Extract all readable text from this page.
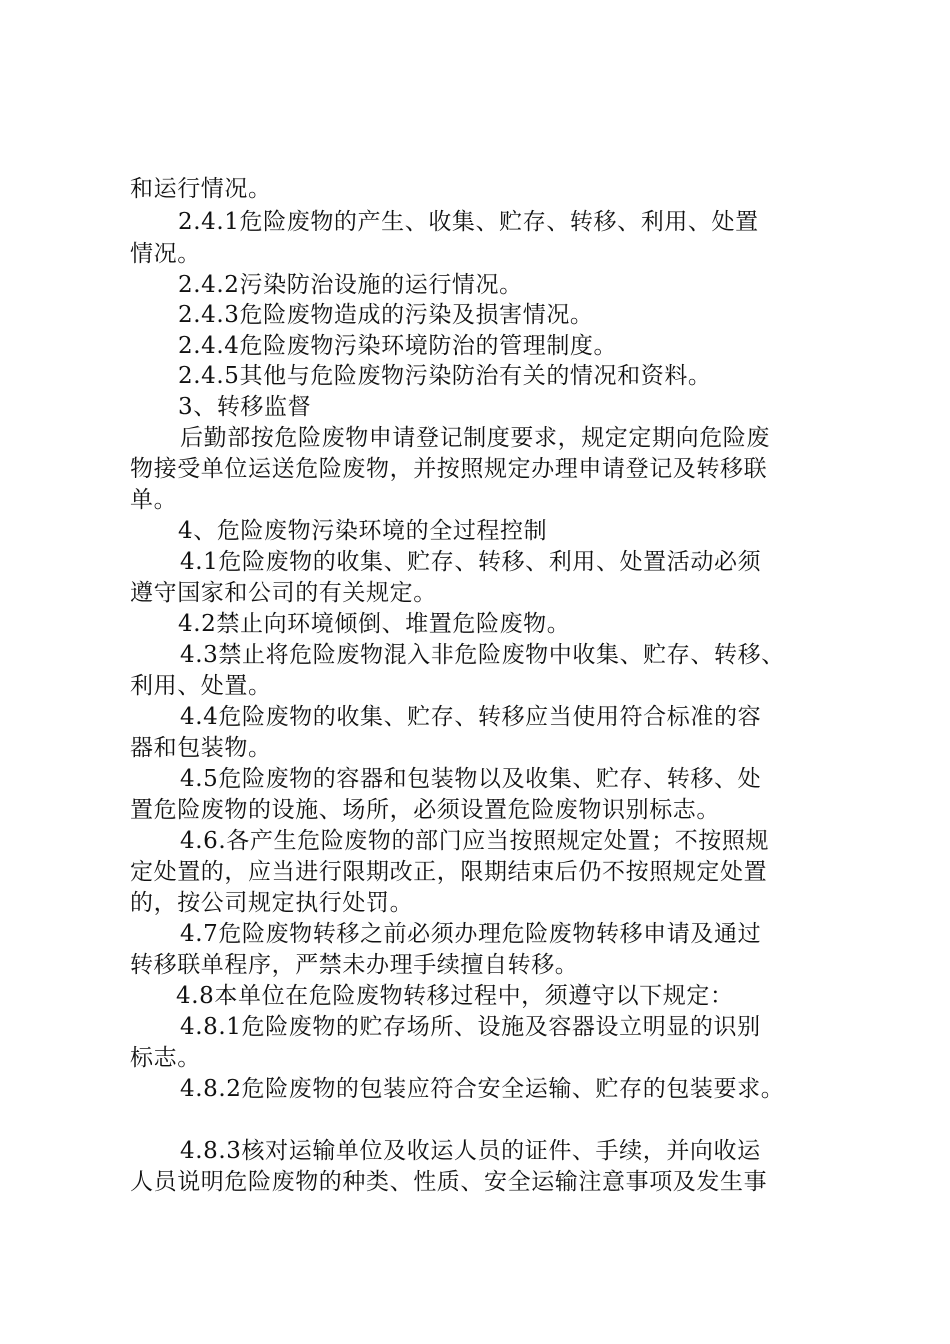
和运行情况。
2.4.1危险废物的产生、收集、贮存、转移、利用、处置
情况。
2.4.2污染防治设施的运行情况。
2.4.3危险废物造成的污染及损害情况。
2.4.4危险废物污染环境防治的管理制度。
2.4.5其他与危险废物污染防治有关的情况和资料。
3、转移监督
后勤部按危险废物申请登记制度要求，规定定期向危险废
物接受单位运送危险废物，并按照规定办理申请登记及转移联
单。
4、危险废物污染环境的全过程控制
4.1危险废物的收集、贮存、转移、利用、处置活动必须
遵守国家和公司的有关规定。
4.2禁止向环境倾倒、堆置危险废物。
4.3禁止将危险废物混入非危险废物中收集、贮存、转移、
利用、处置。
4.4危险废物的收集、贮存、转移应当使用符合标准的容
器和包装物。
4.5危险废物的容器和包装物以及收集、贮存、转移、处
置危险废物的设施、场所，必须设置危险废物识别标志。
4.6.各产生危险废物的部门应当按照规定处置；不按照规
定处置的，应当进行限期改正，限期结束后仍不按照规定处置
的，按公司规定执行处罚。
4.7危险废物转移之前必须办理危险废物转移申请及通过
转移联单程序，严禁未办理手续擅自转移。
4.8本单位在危险废物转移过程中，须遵守以下规定：
4.8.1危险废物的贮存场所、设施及容器设立明显的识别
标志。
4.8.2危险废物的包装应符合安全运输、贮存的包装要求。
4.8.3核对运输单位及收运人员的证件、手续，并向收运
人员说明危险废物的种类、性质、安全运输注意事项及发生事
